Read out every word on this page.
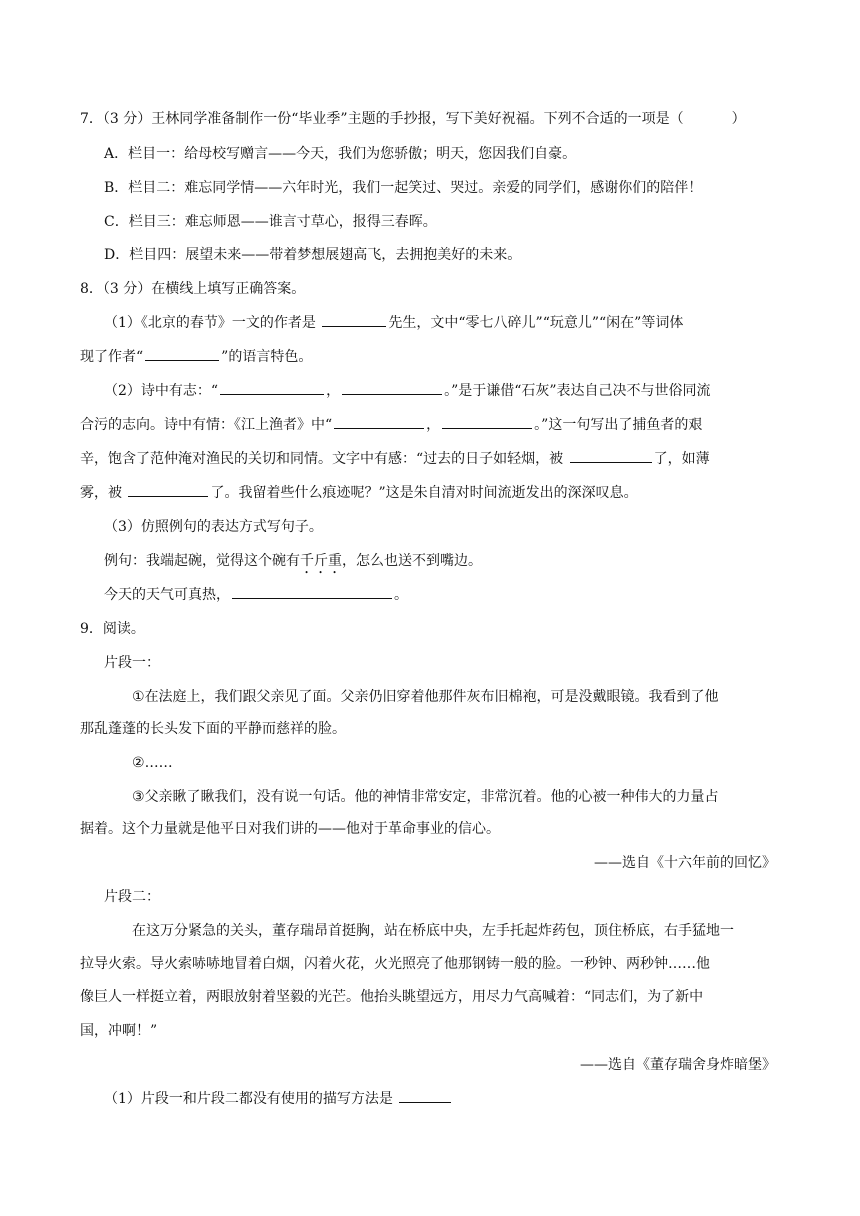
7．（3 分）王林同学准备制作一份“毕业季”主题的手抄报，写下美好祝福。下列不合适的一项是（	）
A．栏目一：给母校写赠言——今天，我们为您骄傲；明天，您因我们自豪。
B．栏目二：难忘同学情——六年时光，我们一起笑过、哭过。亲爱的同学们，感谢你们的陪伴！
C．栏目三：难忘师恩——谁言寸草心，报得三春晖。
D．栏目四：展望未来——带着梦想展翅高飞，去拥抱美好的未来。
8．（3 分）在横线上填写正确答案。
（1）《北京的春节》一文的作者是	先生，文中“零七八碎儿”“玩意儿”“闲在”等词体
现了作者“	”的语言特色。
（2）诗中有志：“	，	。”是于谦借“石灰”表达自己决不与世俗同流
合污的志向。诗中有情：《江上渔者》中“	，	。”这一句写出了捕鱼者的艰
辛，饱含了范仲淹对渔民的关切和同情。文字中有感：“过去的日子如轻烟，被	了，如薄
雾，被	了。我留着些什么痕迹呢？”这是朱自清对时间流逝发出的深深叹息。
（3）仿照例句的表达方式写句子。
例句：我端起碗，觉得这个碗有千斤重，怎么也送不到嘴边。
今天的天气可真热，	。
9．阅读。
片段一：
①在法庭上，我们跟父亲见了面。父亲仍旧穿着他那件灰布旧棉袍，可是没戴眼镜。我看到了他
那乱蓬蓬的长头发下面的平静而慈祥的脸。
②……
③父亲瞅了瞅我们，没有说一句话。他的神情非常安定，非常沉着。他的心被一种伟大的力量占
据着。这个力量就是他平日对我们讲的——他对于革命事业的信心。
——选自《十六年前的回忆》
片段二：
在这万分紧急的关头，董存瑞昂首挺胸，站在桥底中央，左手托起炸药包，顶住桥底，右手猛地一
拉导火索。导火索哧哧地冒着白烟，闪着火花，火光照亮了他那钢铸一般的脸。一秒钟、两秒钟……他
像巨人一样挺立着，两眼放射着坚毅的光芒。他抬头眺望远方，用尽力气高喊着：“同志们，为了新中
国，冲啊！”
——选自《董存瑞舍身炸暗堡》
（1）片段一和片段二都没有使用的描写方法是
